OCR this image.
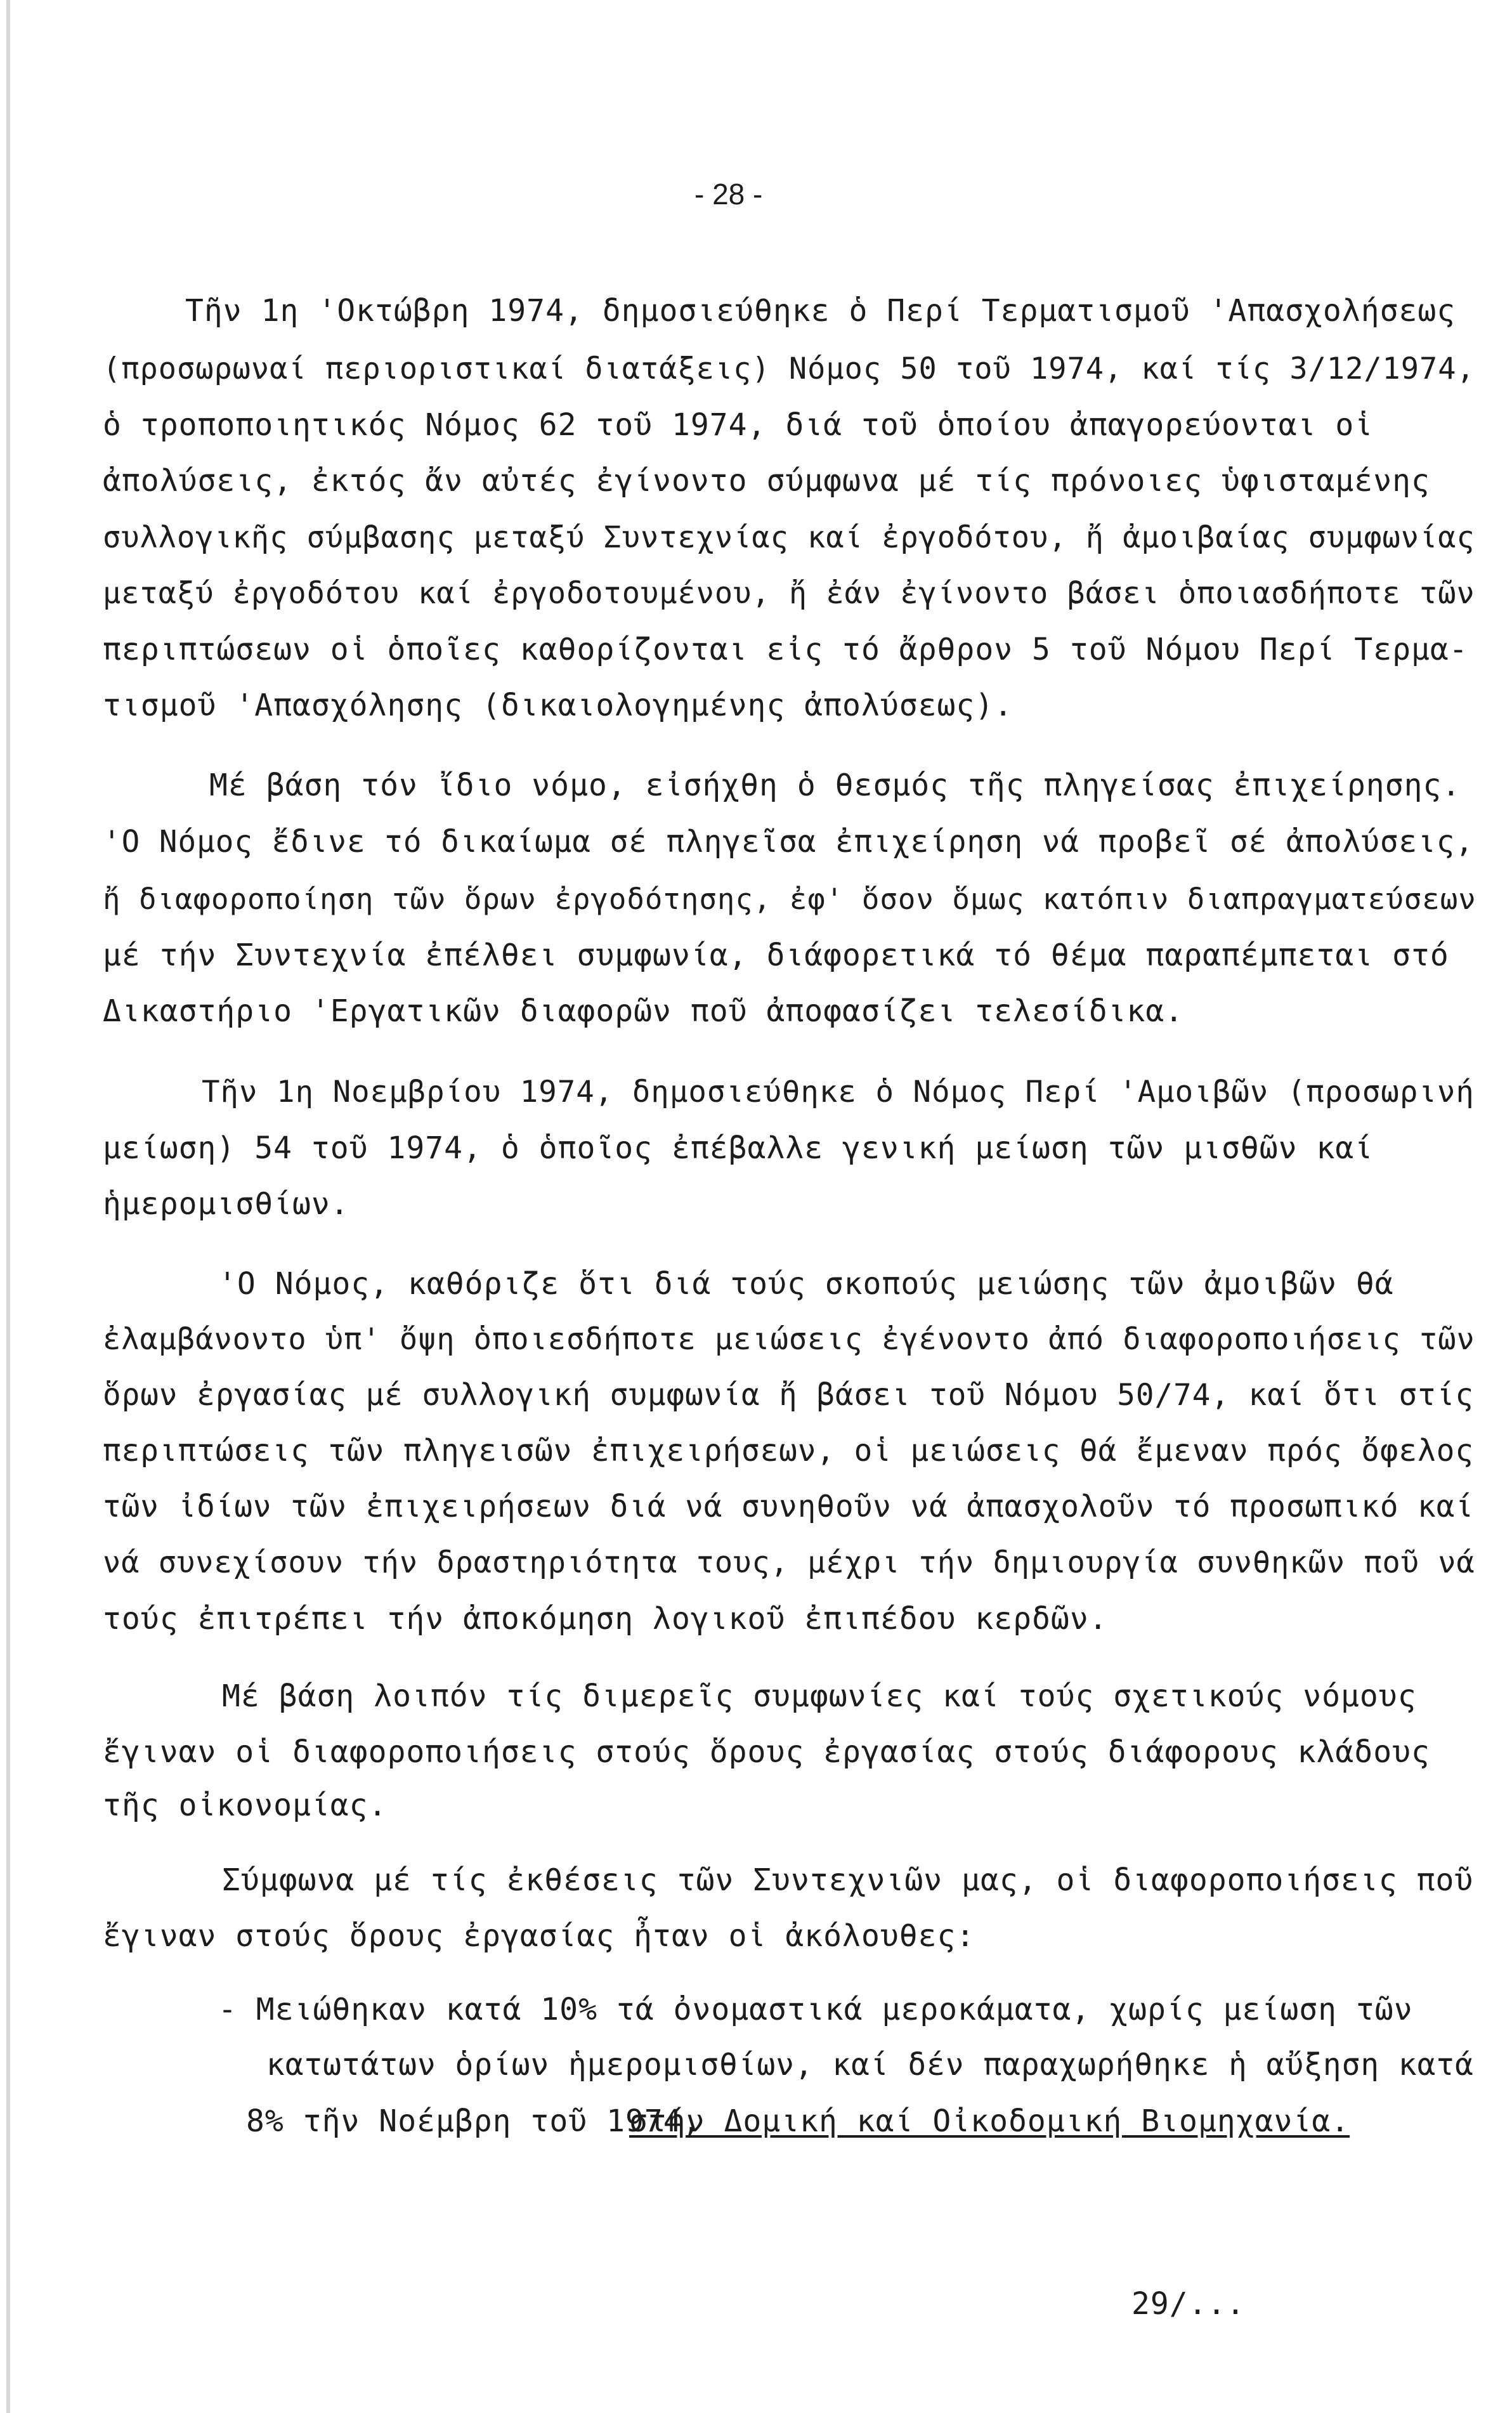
- 28 -
Τῆν 1η 'Οκτώβρη 1974, δημοσιεύθηκε ὁ Περί Τερματισμοῦ 'Απασχολήσεως
(προσωρωναί περιοριστικαί διατάξεις) Νόμος 50 τοῦ 1974, καί τίς 3/12/1974,
ὁ τροποποιητικός Νόμος 62 τοῦ 1974, διά τοῦ ὁποίου ἀπαγορεύονται οἱ
ἀπολύσεις, ἐκτός ἄν αὐτές ἐγίνοντο σύμφωνα μέ τίς πρόνοιες ὑφισταμένης
συλλογικῆς σύμβασης μεταξύ Συντεχνίας καί ἐργοδότου, ἤ ἀμοιβαίας συμφωνίας
μεταξύ ἐργοδότου καί ἐργοδοτουμένου, ἤ ἐάν ἐγίνοντο βάσει ὁποιασδήποτε τῶν
περιπτώσεων οἱ ὁποῖες καθορίζονται εἰς τό ἄρθρον 5 τοῦ Νόμου Περί Τερμα-
τισμοῦ 'Απασχόλησης (δικαιολογημένης ἀπολύσεως).
Μέ βάση τόν ἴδιο νόμο, εἰσήχθη ὁ θεσμός τῆς πληγείσας ἐπιχείρησης.
'Ο Νόμος ἔδινε τό δικαίωμα σέ πληγεῖσα ἐπιχείρηση νά προβεῖ σέ ἀπολύσεις,
ἤ διαφοροποίηση τῶν ὅρων ἐργοδότησης, ἐφ' ὅσον ὅμως κατόπιν διαπραγματεύσεων
μέ τήν Συντεχνία ἐπέλθει συμφωνία, διάφορετικά τό θέμα παραπέμπεται στό
Δικαστήριο 'Εργατικῶν διαφορῶν ποῦ ἀποφασίζει τελεσίδικα.
Τῆν 1η Νοεμβρίου 1974, δημοσιεύθηκε ὁ Νόμος Περί 'Αμοιβῶν (προσωρινή
μείωση) 54 τοῦ 1974, ὁ ὁποῖος ἐπέβαλλε γενική μείωση τῶν μισθῶν καί
ἡμερομισθίων.
'Ο Νόμος, καθόριζε ὅτι διά τούς σκοπούς μειώσης τῶν ἀμοιβῶν θά
ἐλαμβάνοντο ὑπ' ὄψη ὁποιεσδήποτε μειώσεις ἐγένοντο ἀπό διαφοροποιήσεις τῶν
ὅρων ἐργασίας μέ συλλογική συμφωνία ἤ βάσει τοῦ Νόμου 50/74, καί ὅτι στίς
περιπτώσεις τῶν πληγεισῶν ἐπιχειρήσεων, οἱ μειώσεις θά ἔμεναν πρός ὄφελος
τῶν ἰδίων τῶν ἐπιχειρήσεων διά νά συνηθοῦν νά ἀπασχολοῦν τό προσωπικό καί
νά συνεχίσουν τήν δραστηριότητα τους, μέχρι τήν δημιουργία συνθηκῶν ποῦ νά
τούς ἐπιτρέπει τήν ἀποκόμηση λογικοῦ ἐπιπέδου κερδῶν.
Μέ βάση λοιπόν τίς διμερεῖς συμφωνίες καί τούς σχετικούς νόμους
ἔγιναν οἱ διαφοροποιήσεις στούς ὅρους ἐργασίας στούς διάφορους κλάδους
τῆς οἰκονομίας.
Σύμφωνα μέ τίς ἐκθέσεις τῶν Συντεχνιῶν μας, οἱ διαφοροποιήσεις ποῦ
ἔγιναν στούς ὅρους ἐργασίας ἦταν οἱ ἀκόλουθες:
- Μειώθηκαν κατά 10% τά ὀνομαστικά μεροκάματα, χωρίς μείωση τῶν
κατωτάτων ὁρίων ἡμερομισθίων, καί δέν παραχωρήθηκε ἡ αὔξηση κατά
8% τῆν Νοέμβρη τοῦ 1974,
στήν Δομική καί Οἰκοδομική Βιομηχανία.
29/...
